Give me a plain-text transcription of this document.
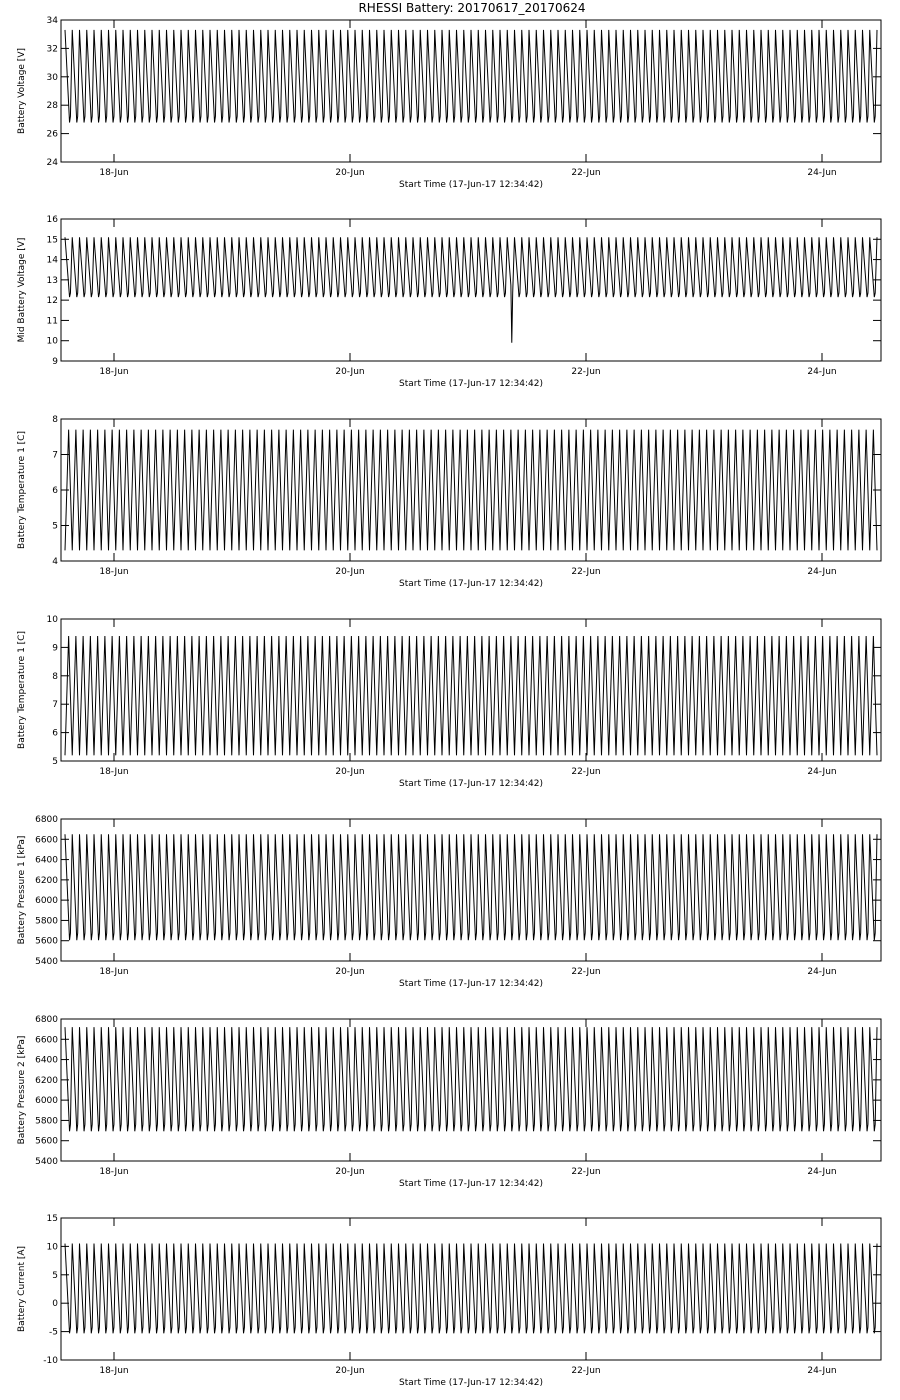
RHESSI Battery: 20170617_20170624
24
26
28
30
32
34
18-Jun	20-Jun	22-Jun	24-Jun
Start Time (17-Jun-17 12:34:42)
Battery Voltage [V]
9
10
11
12
13
14
15
16
18-Jun	20-Jun	22-Jun	24-Jun
Start Time (17-Jun-17 12:34:42)
Mid Battery Voltage [V]
4
5
6
7
8
18-Jun	20-Jun	22-Jun	24-Jun
Start Time (17-Jun-17 12:34:42)
Battery Temperature 1 [C]
5
6
7
8
9
10
18-Jun	20-Jun	22-Jun	24-Jun
Start Time (17-Jun-17 12:34:42)
Battery Temperature 1 [C]
5400
5600
5800
6000
6200
6400
6600
6800
18-Jun	20-Jun	22-Jun	24-Jun
Start Time (17-Jun-17 12:34:42)
Battery Pressure 1 [kPa]
5400
5600
5800
6000
6200
6400
6600
6800
18-Jun	20-Jun	22-Jun	24-Jun
Start Time (17-Jun-17 12:34:42)
Battery Pressure 2 [kPa]
-10
-5
0
5
10
15
18-Jun	20-Jun	22-Jun	24-Jun
Start Time (17-Jun-17 12:34:42)
Battery Current [A]
